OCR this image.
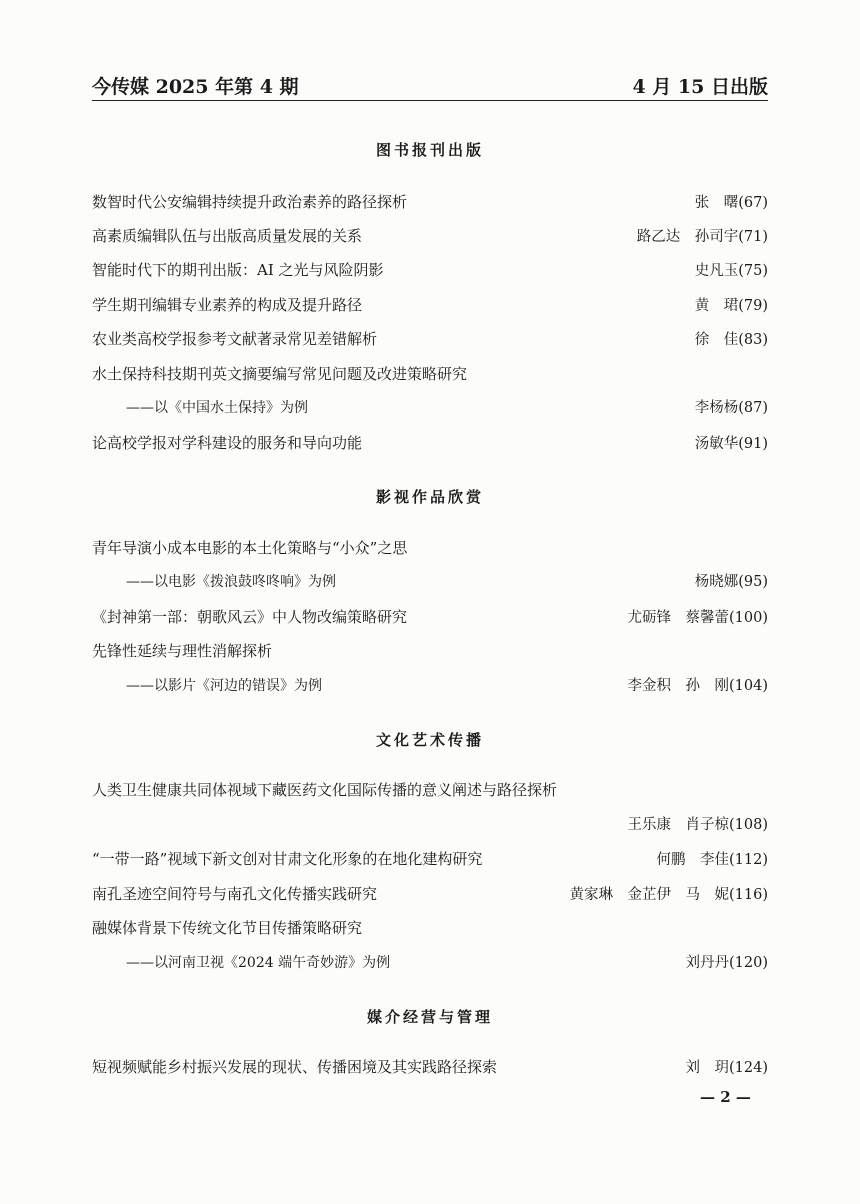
今传媒 2025 年第 4 期	4 月 15 日出版
图书报刊出版
数智时代公安编辑持续提升政治素养的路径探析	张　曙(67)
高素质编辑队伍与出版高质量发展的关系	路乙达　孙司宇(71)
智能时代下的期刊出版：AI 之光与风险阴影	史凡玉(75)
学生期刊编辑专业素养的构成及提升路径	黄　珺(79)
农业类高校学报参考文献著录常见差错解析	徐　佳(83)
水土保持科技期刊英文摘要编写常见问题及改进策略研究
——以《中国水土保持》为例	李杨杨(87)
论高校学报对学科建设的服务和导向功能	汤敏华(91)
影视作品欣赏
青年导演小成本电影的本土化策略与“小众”之思
——以电影《拨浪鼓咚咚响》为例	杨晓娜(95)
《封神第一部：朝歌风云》中人物改编策略研究	尤砺锋　蔡馨蕾(100)
先锋性延续与理性消解探析
——以影片《河边的错误》为例	李金积　孙　刚(104)
文化艺术传播
人类卫生健康共同体视域下藏医药文化国际传播的意义阐述与路径探析
王乐康　肖子椋(108)
“一带一路”视域下新文创对甘肃文化形象的在地化建构研究	何鹏　李佳(112)
南孔圣迹空间符号与南孔文化传播实践研究	黄家琳　金芷伊　马　妮(116)
融媒体背景下传统文化节目传播策略研究
——以河南卫视《2024 端午奇妙游》为例	刘丹丹(120)
媒介经营与管理
短视频赋能乡村振兴发展的现状、传播困境及其实践路径探索	刘　玥(124)
— 2 —
